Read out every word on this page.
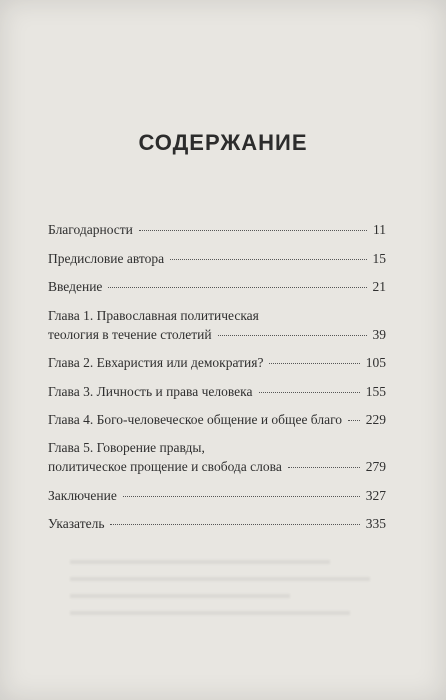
СОДЕРЖАНИЕ
Благодарности	11
Предисловие автора	15
Введение	21
Глава 1. Православная политическая
теология в течение столетий	39
Глава 2. Евхаристия или демократия?	105
Глава 3. Личность и права человека	155
Глава 4. Бого-человеческое общение и общее благо 229
Глава 5. Говорение правды,
политическое прощение и свобода слова	279
Заключение	327
Указатель	335
